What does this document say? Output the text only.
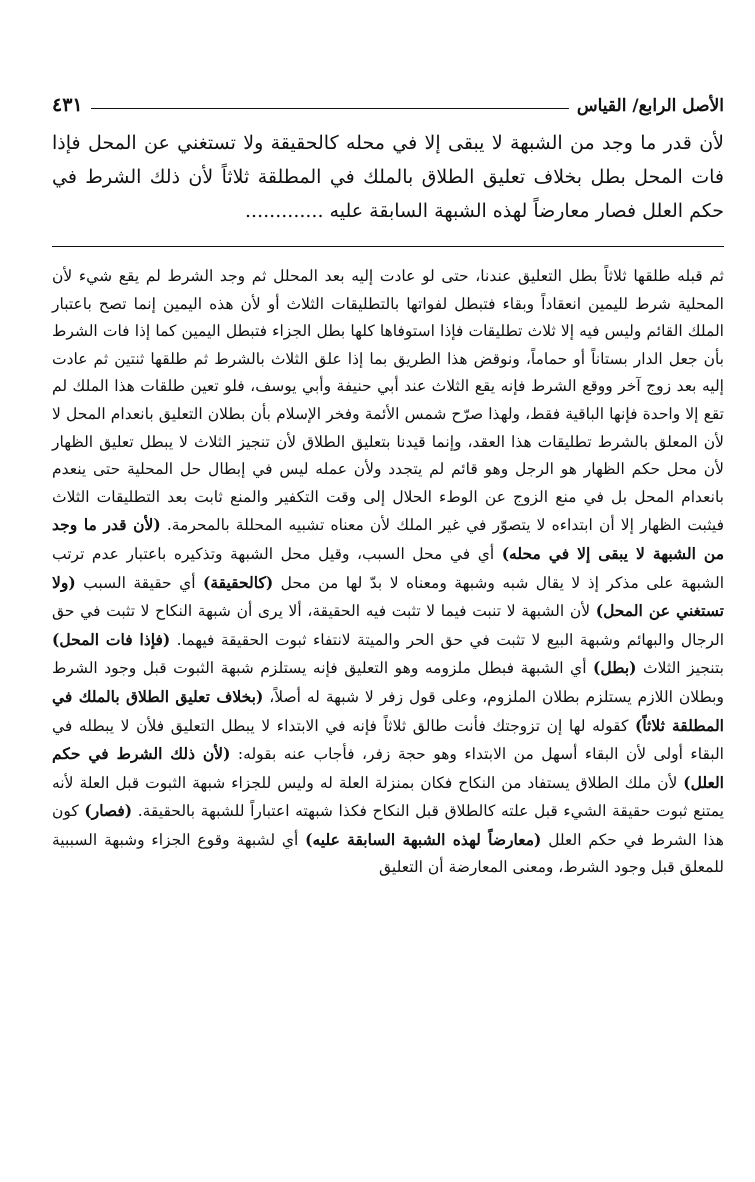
الأصل الرابع/ القياس
٤٣١

لأن قدر ما وجد من الشبهة لا يبقى إلا في محله كالحقيقة ولا تستغني عن المحل فإذا فات المحل بطل بخلاف تعليق الطلاق بالملك في المطلقة ثلاثاً لأن ذلك الشرط في حكم العلل فصار معارضاً لهذه الشبهة السابقة عليه .............

ثم قبله طلقها ثلاثاً بطل التعليق عندنا، حتى لو عادت إليه بعد المحلل ثم وجد الشرط لم يقع شيء لأن المحلية شرط لليمين انعقاداً وبقاء فتبطل لفواتها بالتطليقات الثلاث أو لأن هذه اليمين إنما تصح باعتبار الملك القائم وليس فيه إلا ثلاث تطليقات فإذا استوفاها كلها بطل الجزاء فتبطل اليمين كما إذا فات الشرط بأن جعل الدار بستاناً أو حماماً، ونوقض هذا الطريق بما إذا علق الثلاث بالشرط ثم طلقها ثنتين ثم عادت إليه بعد زوج آخر ووقع الشرط فإنه يقع الثلاث عند أبي حنيفة وأبي يوسف، فلو تعين طلقات هذا الملك لم تقع إلا واحدة فإنها الباقية فقط، ولهذا صرّح شمس الأئمة وفخر الإسلام بأن بطلان التعليق بانعدام المحل لا لأن المعلق بالشرط تطليقات هذا العقد، وإنما قيدنا بتعليق الطلاق لأن تنجيز الثلاث لا يبطل تعليق الظهار لأن محل حكم الظهار هو الرجل وهو قائم لم يتجدد ولأن عمله ليس في إبطال حل المحلية حتى ينعدم بانعدام المحل بل في منع الزوج عن الوطء الحلال إلى وقت التكفير والمنع ثابت بعد التطليقات الثلاث فيثبت الظهار إلا أن ابتداءه لا يتصوّر في غير الملك لأن معناه تشبيه المحللة بالمحرمة. (لأن قدر ما وجد من الشبهة لا يبقى إلا في محله) أي في محل السبب، وقيل محل الشبهة وتذكيره باعتبار عدم ترتب الشبهة على مذكر إذ لا يقال شبه وشبهة ومعناه لا بدّ لها من محل (كالحقيقة) أي حقيقة السبب (ولا تستغني عن المحل) لأن الشبهة لا تنبت فيما لا تثبت فيه الحقيقة، ألا يرى أن شبهة النكاح لا تثبت في حق الرجال والبهائم وشبهة البيع لا تثبت في حق الحر والميتة لانتفاء ثبوت الحقيقة فيهما. (فإذا فات المحل) بتنجيز الثلاث (بطل) أي الشبهة فبطل ملزومه وهو التعليق فإنه يستلزم شبهة الثبوت قبل وجود الشرط وبطلان اللازم يستلزم بطلان الملزوم، وعلى قول زفر لا شبهة له أصلاً، (بخلاف تعليق الطلاق بالملك في المطلقة ثلاثاً) كقوله لها إن تزوجتك فأنت طالق ثلاثاً فإنه في الابتداء لا يبطل التعليق فلأن لا يبطله في البقاء أولى لأن البقاء أسهل من الابتداء وهو حجة زفر، فأجاب عنه بقوله: (لأن ذلك الشرط في حكم العلل) لأن ملك الطلاق يستفاد من النكاح فكان بمنزلة العلة له وليس للجزاء شبهة الثبوت قبل العلة لأنه يمتنع ثبوت حقيقة الشيء قبل علته كالطلاق قبل النكاح فكذا شبهته اعتباراً للشبهة بالحقيقة. (فصار) كون هذا الشرط في حكم العلل (معارضاً لهذه الشبهة السابقة عليه) أي لشبهة وقوع الجزاء وشبهة السببية للمعلق قبل وجود الشرط، ومعنى المعارضة أن التعليق
